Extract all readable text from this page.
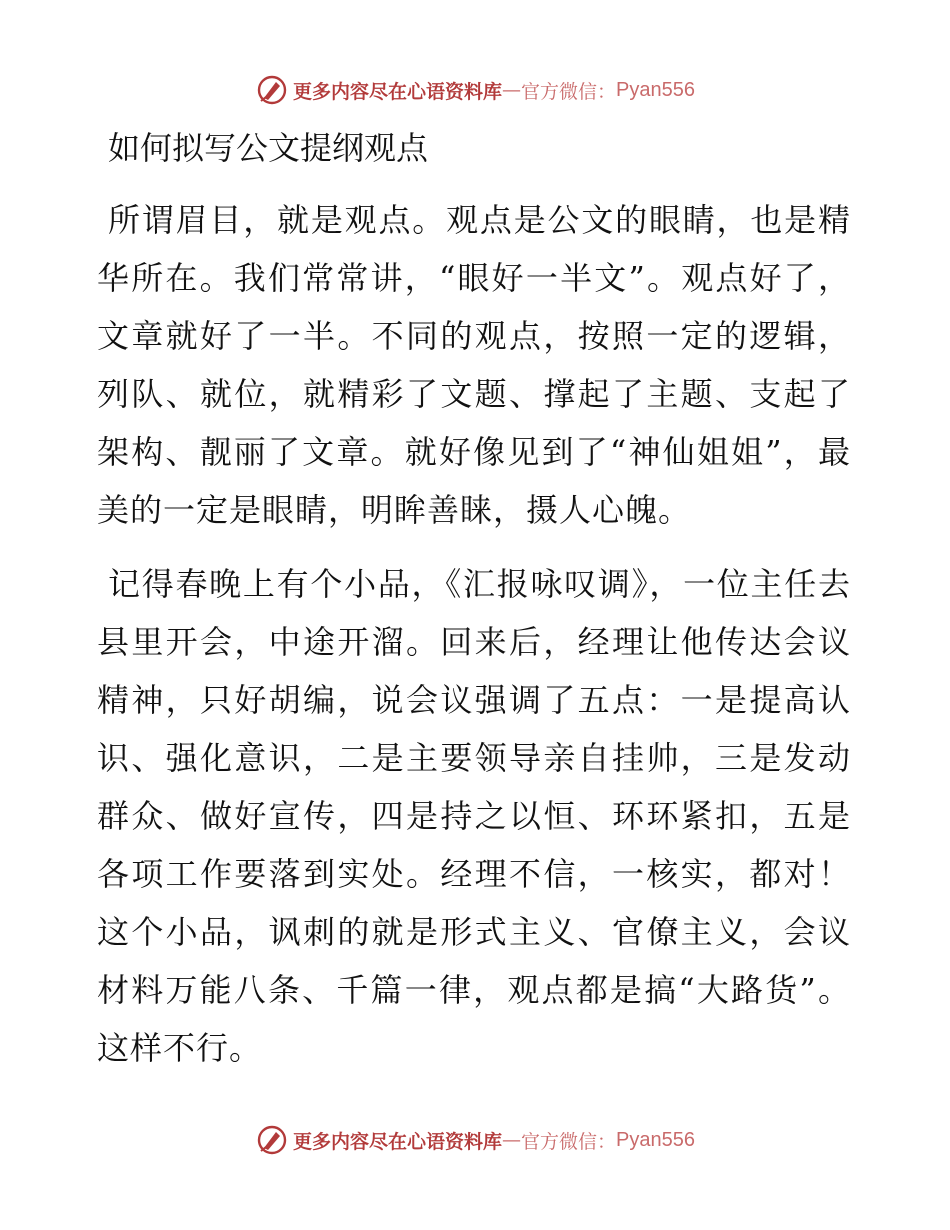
更多内容尽在心语资料库 — 官方微信： Pyan556
如何拟写公文提纲观点

所谓眉目，就是观点。观点是公文的眼睛，也是精华所在。我们常常讲，“眼好一半文”。观点好了，文章就好了一半。不同的观点，按照一定的逻辑，列队、就位，就精彩了文题、撑起了主题、支起了架构、靓丽了文章。就好像见到了“神仙姐姐”，最美的一定是眼睛，明眸善睐，摄人心魄。

记得春晚上有个小品，《汇报咏叹调》，一位主任去县里开会，中途开溜。回来后，经理让他传达会议精神，只好胡编，说会议强调了五点：一是提高认识、强化意识，二是主要领导亲自挂帅，三是发动群众、做好宣传，四是持之以恒、环环紧扣，五是各项工作要落到实处。经理不信，一核实，都对！这个小品，讽刺的就是形式主义、官僚主义，会议材料万能八条、千篇一律，观点都是搞“大路货”。这样不行。

更多内容尽在心语资料库 — 官方微信： Pyan556
